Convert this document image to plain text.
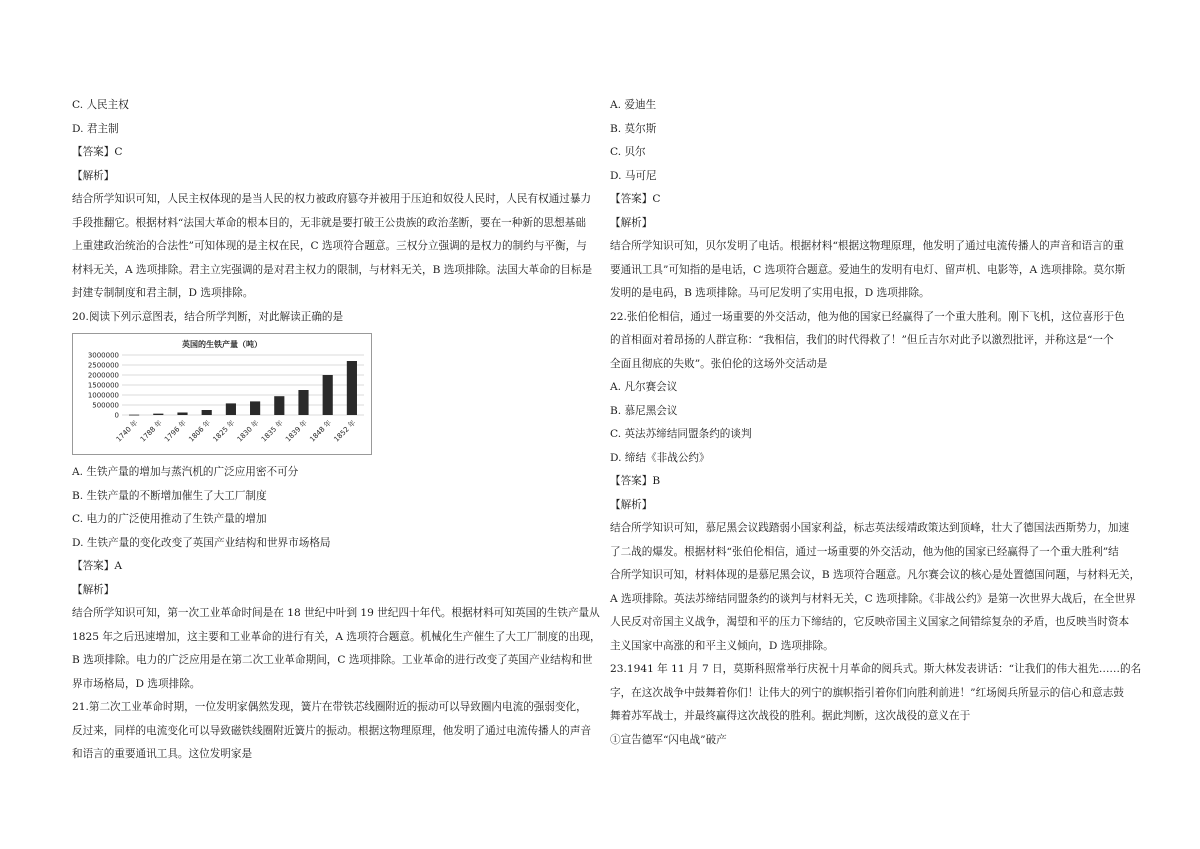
C. 人民主权
D. 君主制
【答案】C
【解析】
结合所学知识可知，人民主权体现的是当人民的权力被政府篡夺并被用于压迫和奴役人民时，人民有权通过暴力
手段推翻它。根据材料“法国大革命的根本目的，无非就是要打破王公贵族的政治垄断，要在一种新的思想基础
上重建政治统治的合法性”可知体现的是主权在民，C 选项符合题意。三权分立强调的是权力的制约与平衡，与
材料无关，A 选项排除。君主立宪强调的是对君主权力的限制，与材料无关，B 选项排除。法国大革命的目标是
封建专制制度和君主制，D 选项排除。
20.阅读下列示意图表，结合所学判断，对此解读正确的是
英国的生铁产量（吨）
3000000
2500000
2000000
1500000
1000000
500000
0
1740 年 1788 年 1796 年 1806 年 1825 年 1830 年 1835 年 1839 年 1848 年 1852 年
A. 生铁产量的增加与蒸汽机的广泛应用密不可分
B. 生铁产量的不断增加催生了大工厂制度
C. 电力的广泛使用推动了生铁产量的增加
D. 生铁产量的变化改变了英国产业结构和世界市场格局
【答案】A
【解析】
结合所学知识可知，第一次工业革命时间是在 18 世纪中叶到 19 世纪四十年代。根据材料可知英国的生铁产量从
1825 年之后迅速增加，这主要和工业革命的进行有关，A 选项符合题意。机械化生产催生了大工厂制度的出现，
B 选项排除。电力的广泛应用是在第二次工业革命期间，C 选项排除。工业革命的进行改变了英国产业结构和世
界市场格局，D 选项排除。
21.第二次工业革命时期，一位发明家偶然发现，簧片在带铁芯线圈附近的振动可以导致圈内电流的强弱变化，
反过来，同样的电流变化可以导致磁铁线圈附近簧片的振动。根据这物理原理，他发明了通过电流传播人的声音
和语言的重要通讯工具。这位发明家是
A. 爱迪生
B. 莫尔斯
C. 贝尔
D. 马可尼
【答案】C
【解析】
结合所学知识可知，贝尔发明了电话。根据材料“根据这物理原理，他发明了通过电流传播人的声音和语言的重
要通讯工具”可知指的是电话，C 选项符合题意。爱迪生的发明有电灯、留声机、电影等，A 选项排除。莫尔斯
发明的是电码，B 选项排除。马可尼发明了实用电报，D 选项排除。
22.张伯伦相信，通过一场重要的外交活动，他为他的国家已经赢得了一个重大胜利。刚下飞机，这位喜形于色
的首相面对着昂扬的人群宣称：“我相信，我们的时代得救了！”但丘吉尔对此予以激烈批评，并称这是“一个
全面且彻底的失败”。张伯伦的这场外交活动是
A. 凡尔赛会议
B. 慕尼黑会议
C. 英法苏缔结同盟条约的谈判
D. 缔结《非战公约》
【答案】B
【解析】
结合所学知识可知，慕尼黑会议践踏弱小国家利益，标志英法绥靖政策达到顶峰，壮大了德国法西斯势力，加速
了二战的爆发。根据材料“张伯伦相信，通过一场重要的外交活动，他为他的国家已经赢得了一个重大胜利”结
合所学知识可知，材料体现的是慕尼黑会议，B 选项符合题意。凡尔赛会议的核心是处置德国问题，与材料无关，
A 选项排除。英法苏缔结同盟条约的谈判与材料无关，C 选项排除。《非战公约》是第一次世界大战后，在全世界
人民反对帝国主义战争，渴望和平的压力下缔结的，它反映帝国主义国家之间错综复杂的矛盾，也反映当时资本
主义国家中高涨的和平主义倾向，D 选项排除。
23.1941 年 11 月 7 日，莫斯科照常举行庆祝十月革命的阅兵式。斯大林发表讲话：“让我们的伟大祖先……的名
字，在这次战争中鼓舞着你们！让伟大的列宁的旗帜指引着你们向胜利前进！”红场阅兵所显示的信心和意志鼓
舞着苏军战士，并最终赢得这次战役的胜利。据此判断，这次战役的意义在于
①宣告德军“闪电战”破产
